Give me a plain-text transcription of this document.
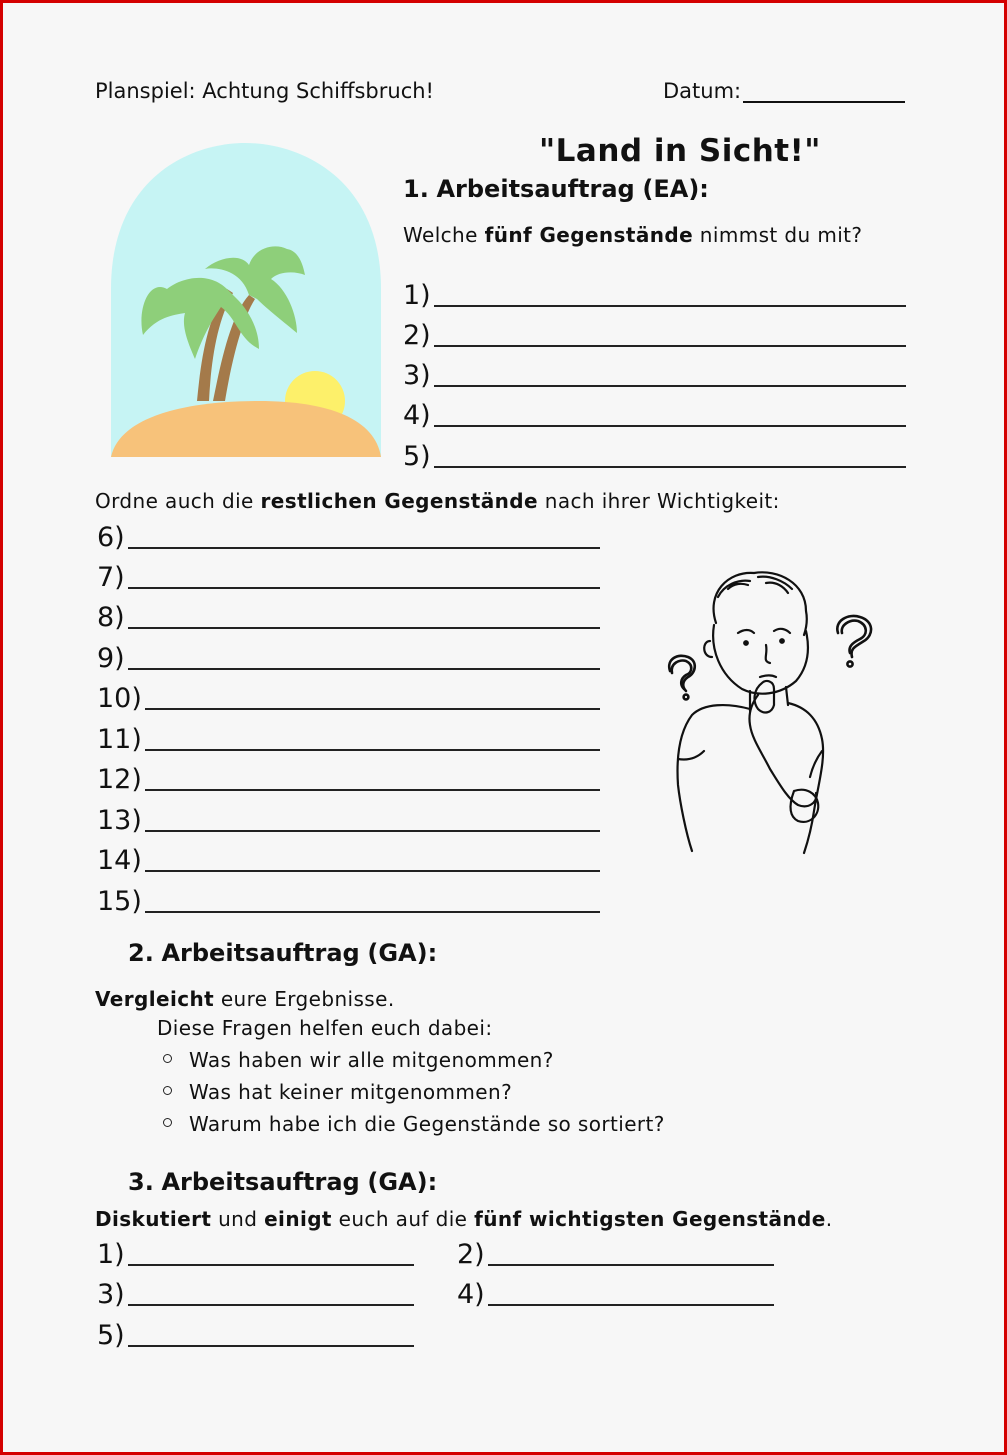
Planspiel: Achtung Schiffsbruch!	Datum:
"Land in Sicht!"
1. Arbeitsauftrag (EA):
Welche fünf Gegenstände nimmst du mit?
1)
2)
3)
4)
5)
Ordne auch die restlichen Gegenstände nach ihrer Wichtigkeit:
6)
7)
8)
9)
10)
11)
12)
13)
14)
15)
2. Arbeitsauftrag (GA):
Vergleicht eure Ergebnisse.
Diese Fragen helfen euch dabei:
Was haben wir alle mitgenommen?
Was hat keiner mitgenommen?
Warum habe ich die Gegenstände so sortiert?
3. Arbeitsauftrag (GA):
Diskutiert und einigt euch auf die fünf wichtigsten Gegenstände.
1)	2)
3)	4)
5)
